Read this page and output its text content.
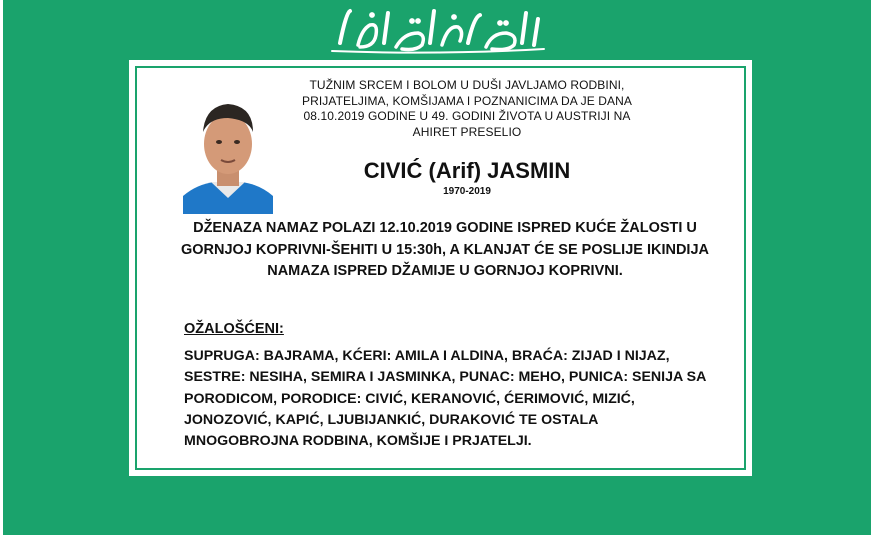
TUŽNIM SRCEM I BOLOM U DUŠI JAVLJAMO RODBINI, PRIJATELJIMA, KOMŠIJAMA I POZNANICIMA DA JE DANA 08.10.2019 GODINE U 49. GODINI ŽIVOTA U AUSTRIJI NA AHIRET PRESELIO
CIVIĆ (Arif) JASMIN
1970-2019
DŽENAZA NAMAZ POLAZI 12.10.2019 GODINE ISPRED KUĆE ŽALOSTI U GORNJOJ KOPRIVNI-ŠEHITI U 15:30h, A KLANJAT ĆE SE POSLIJE IKINDIJA NAMAZA ISPRED DŽAMIJE U GORNJOJ KOPRIVNI.
OŽALOŠĆENI:
SUPRUGA: BAJRAMA, KĆERI: AMILA I ALDINA, BRAĆA: ZIJAD I NIJAZ, SESTRE: NESIHA, SEMIRA I JASMINKA, PUNAC: MEHO, PUNICA: SENIJA SA PORODICOM, PORODICE: CIVIĆ, KERANOVIĆ, ĆERIMOVIĆ, MIZIĆ, JONOZOVIĆ, KAPIĆ, LJUBIJANKIĆ, DURAKOVIĆ TE OSTALA MNOGOBROJNA RODBINA, KOMŠIJE I PRJATELJI.
